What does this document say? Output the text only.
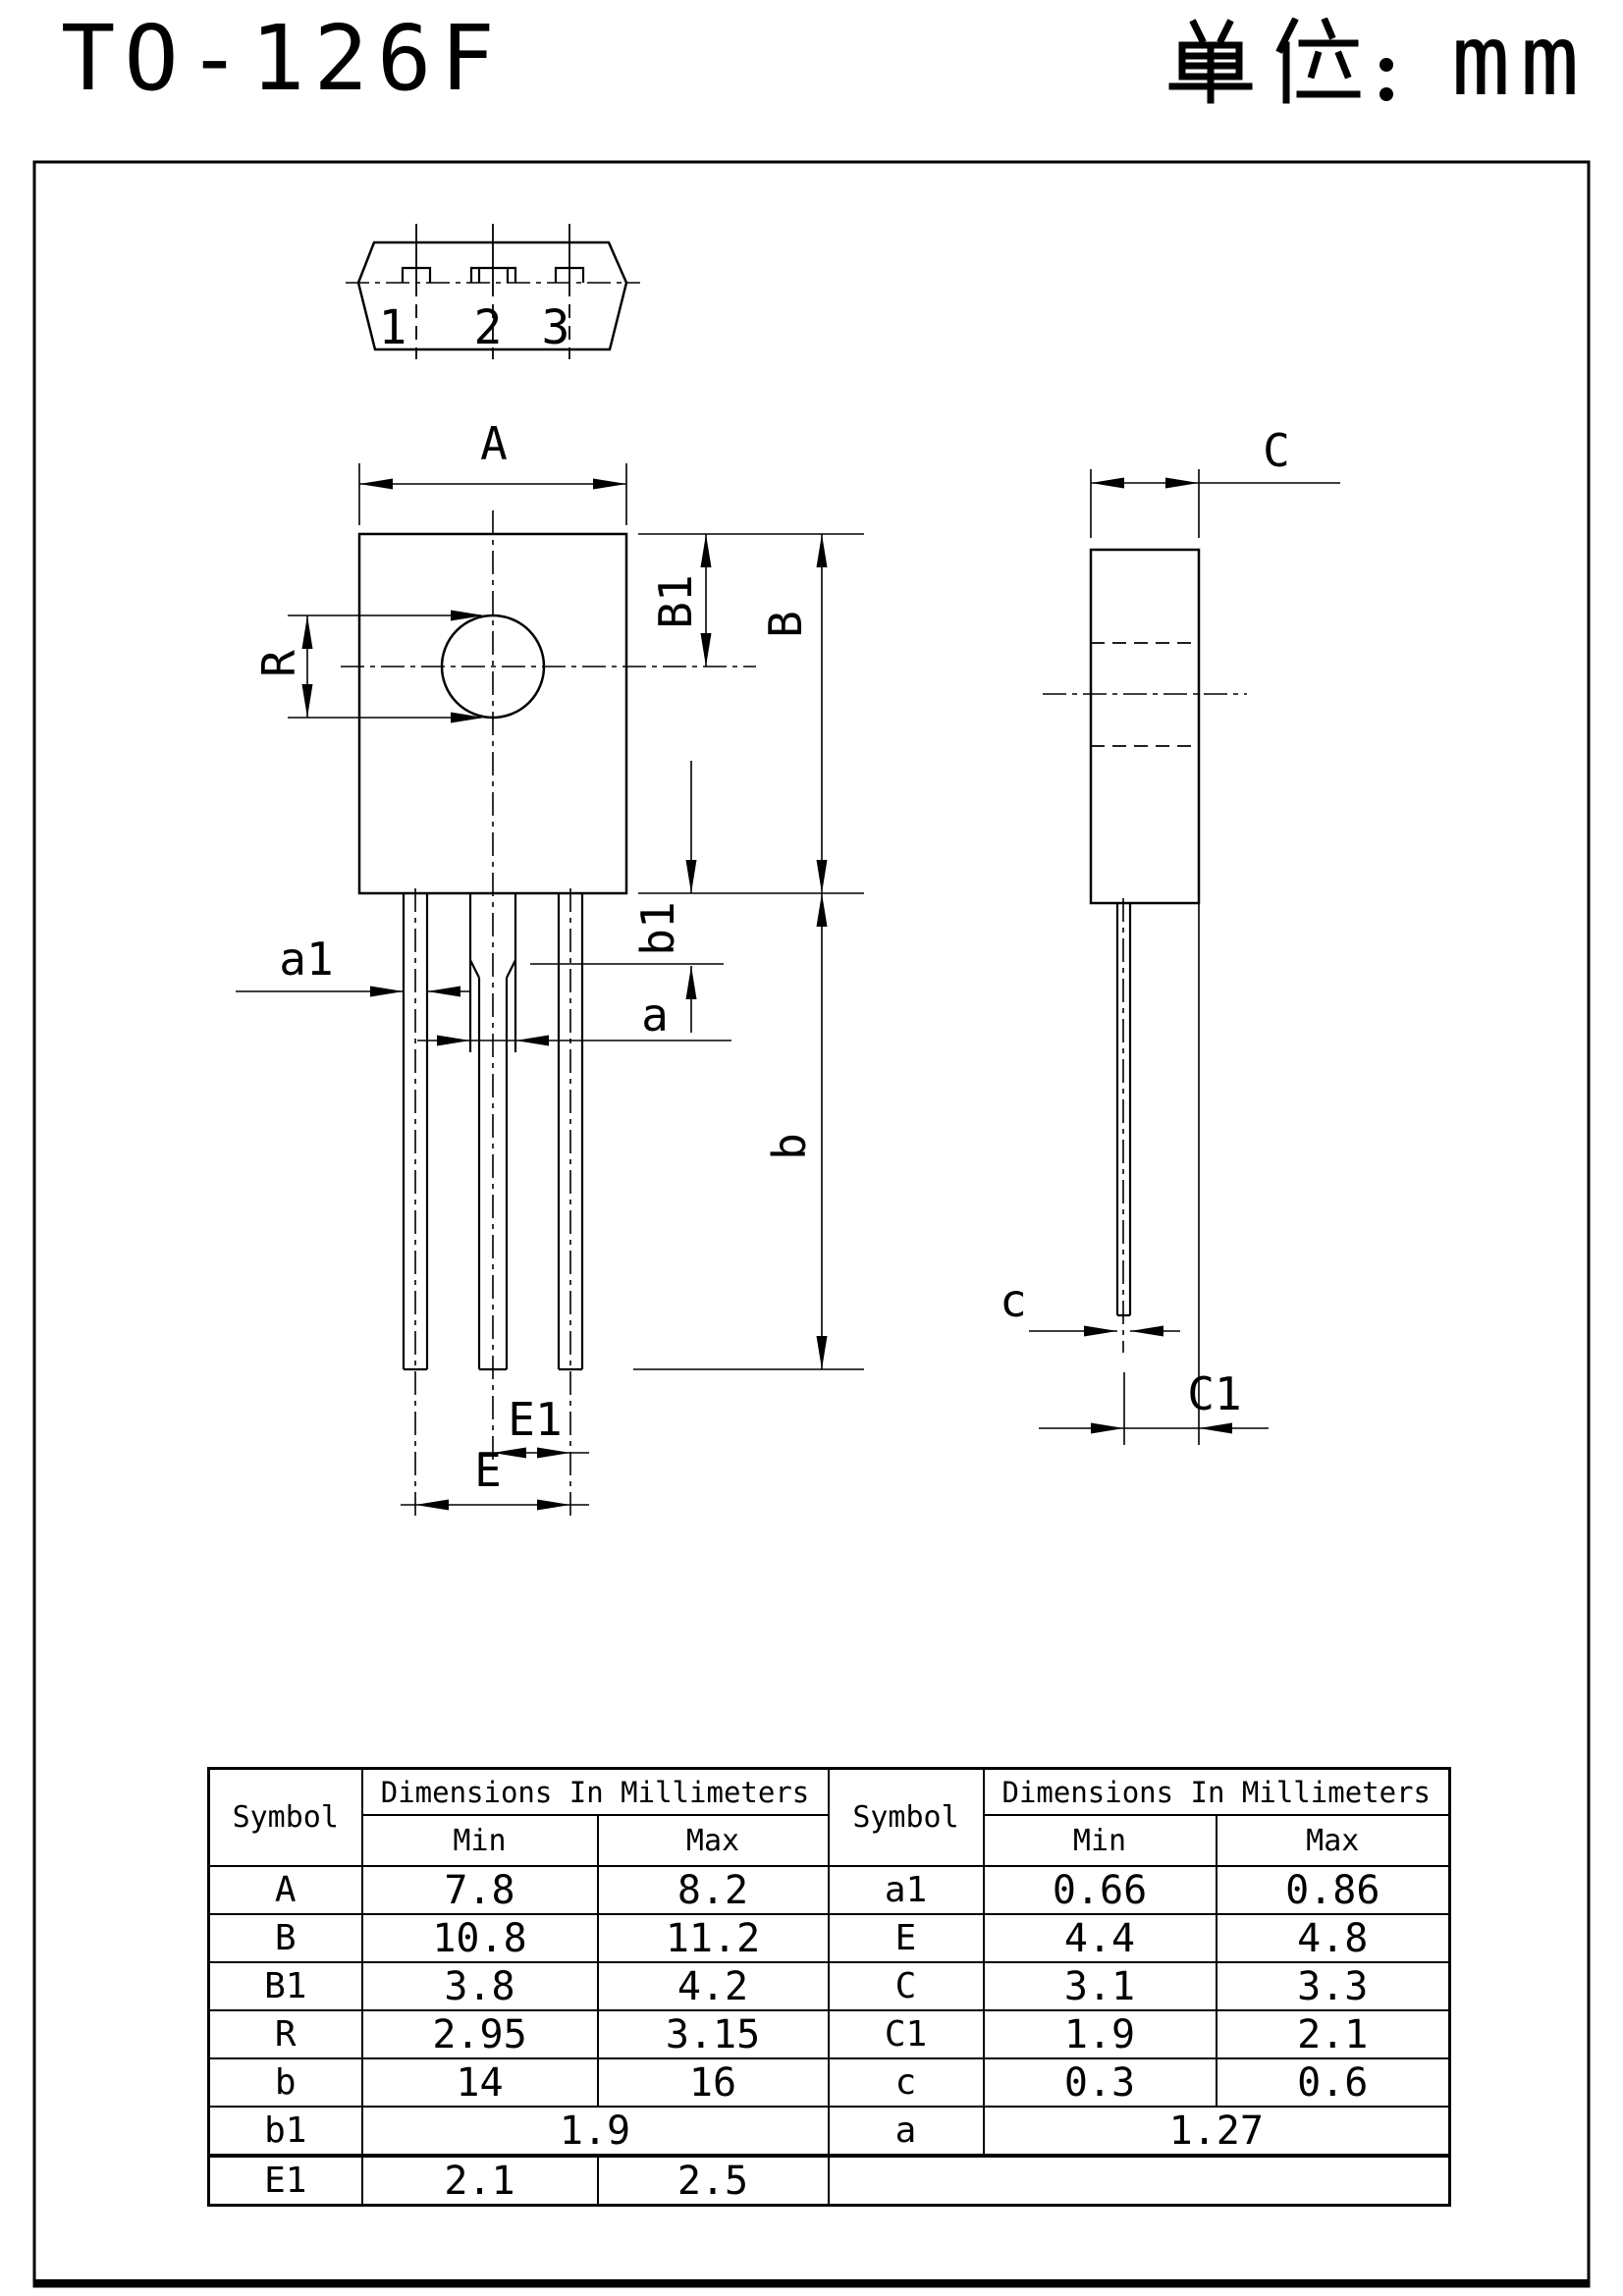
TO-126F	mm
1 2 3
A
R
B1 B
b1
b
a1
a
E1
E
C
c
C1
Symbol	Dimensions In Millimeters		Symbol	Dimensions In Millimeters	
	Min	Max		Min	Max
A	7.8	8.2	a1	0.66	0.86
B	10.8	11.2	E	4.4	4.8
B1	3.8	4.2	C	3.1	3.3
R	2.95	3.15	C1	1.9	2.1
b	14	16	c	0.3	0.6
b1	1.9		a	1.27	
E1	2.1	2.5			
